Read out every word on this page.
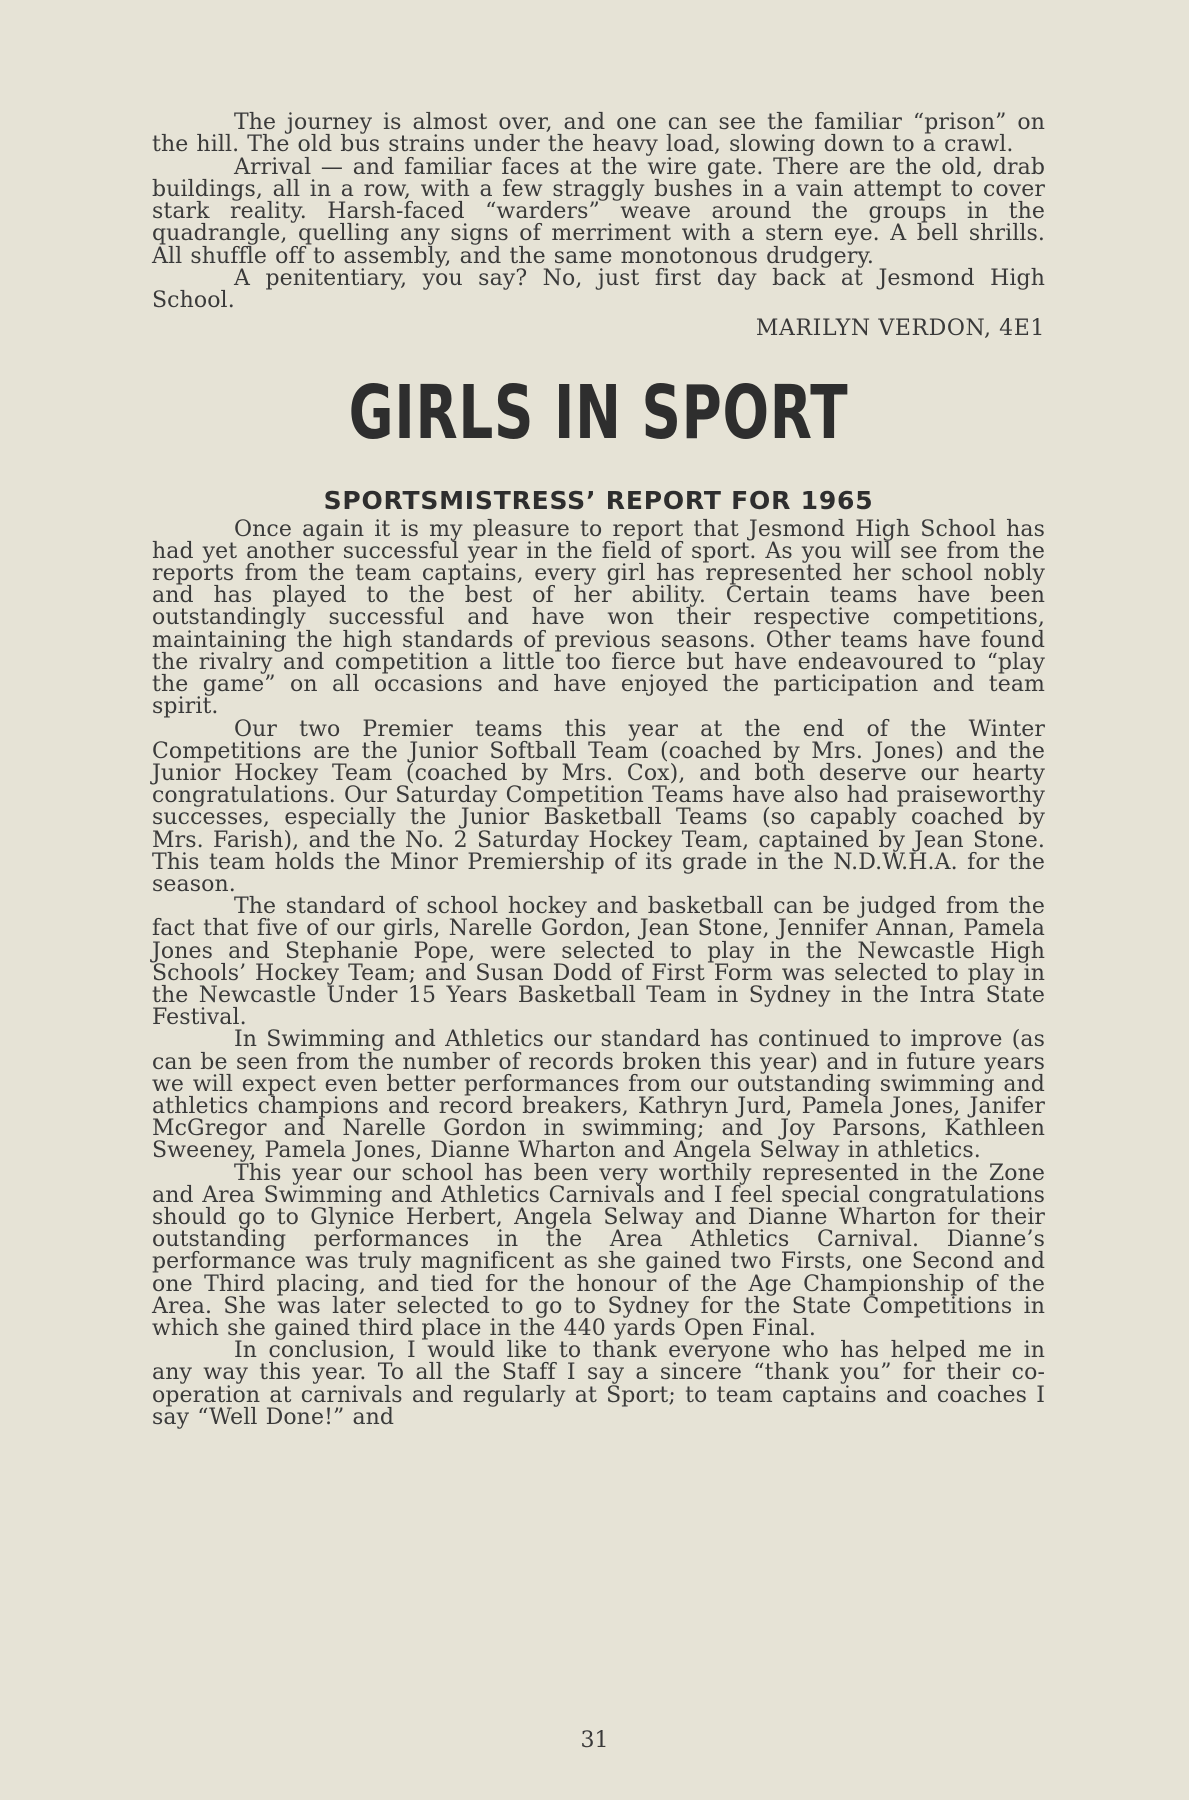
The journey is almost over, and one can see the familiar “prison” on the hill. The old bus strains under the heavy load, slowing down to a crawl.

Arrival — and familiar faces at the wire gate. There are the old, drab buildings, all in a row, with a few straggly bushes in a vain attempt to cover stark reality. Harsh-faced “warders” weave around the groups in the quadrangle, quelling any signs of merriment with a stern eye. A bell shrills. All shuffle off to assembly, and the same monotonous drudgery.

A penitentiary, you say? No, just first day back at Jesmond High School.

MARILYN VERDON, 4E1

GIRLS IN SPORT
SPORTSMISTRESS’ REPORT FOR 1965

Once again it is my pleasure to report that Jesmond High School has had yet another successful year in the field of sport. As you will see from the reports from the team captains, every girl has represented her school nobly and has played to the best of her ability. Certain teams have been outstandingly successful and have won their respective competitions, maintaining the high standards of previous seasons. Other teams have found the rivalry and competition a little too fierce but have endeavoured to “play the game” on all occasions and have enjoyed the participation and team spirit.

Our two Premier teams this year at the end of the Winter Competitions are the Junior Softball Team (coached by Mrs. Jones) and the Junior Hockey Team (coached by Mrs. Cox), and both deserve our hearty congratulations. Our Saturday Competition Teams have also had praiseworthy successes, especially the Junior Basketball Teams (so capably coached by Mrs. Farish), and the No. 2 Saturday Hockey Team, captained by Jean Stone. This team holds the Minor Premiership of its grade in the N.D.W.H.A. for the season.

The standard of school hockey and basketball can be judged from the fact that five of our girls, Narelle Gordon, Jean Stone, Jennifer Annan, Pamela Jones and Stephanie Pope, were selected to play in the Newcastle High Schools’ Hockey Team; and Susan Dodd of First Form was selected to play in the Newcastle Under 15 Years Basketball Team in Sydney in the Intra State Festival.

In Swimming and Athletics our standard has continued to improve (as can be seen from the number of records broken this year) and in future years we will expect even better performances from our outstanding swimming and athletics champions and record breakers, Kathryn Jurd, Pamela Jones, Janifer McGregor and Narelle Gordon in swimming; and Joy Parsons, Kathleen Sweeney, Pamela Jones, Dianne Wharton and Angela Selway in athletics.

This year our school has been very worthily represented in the Zone and Area Swimming and Athletics Carnivals and I feel special congratulations should go to Glynice Herbert, Angela Selway and Dianne Wharton for their outstanding performances in the Area Athletics Carnival. Dianne’s performance was truly magnificent as she gained two Firsts, one Second and one Third placing, and tied for the honour of the Age Championship of the Area. She was later selected to go to Sydney for the State Competitions in which she gained third place in the 440 yards Open Final.

In conclusion, I would like to thank everyone who has helped me in any way this year. To all the Staff I say a sincere “thank you” for their co-operation at carnivals and regularly at Sport; to team captains and coaches I say “Well Done!” and

31
